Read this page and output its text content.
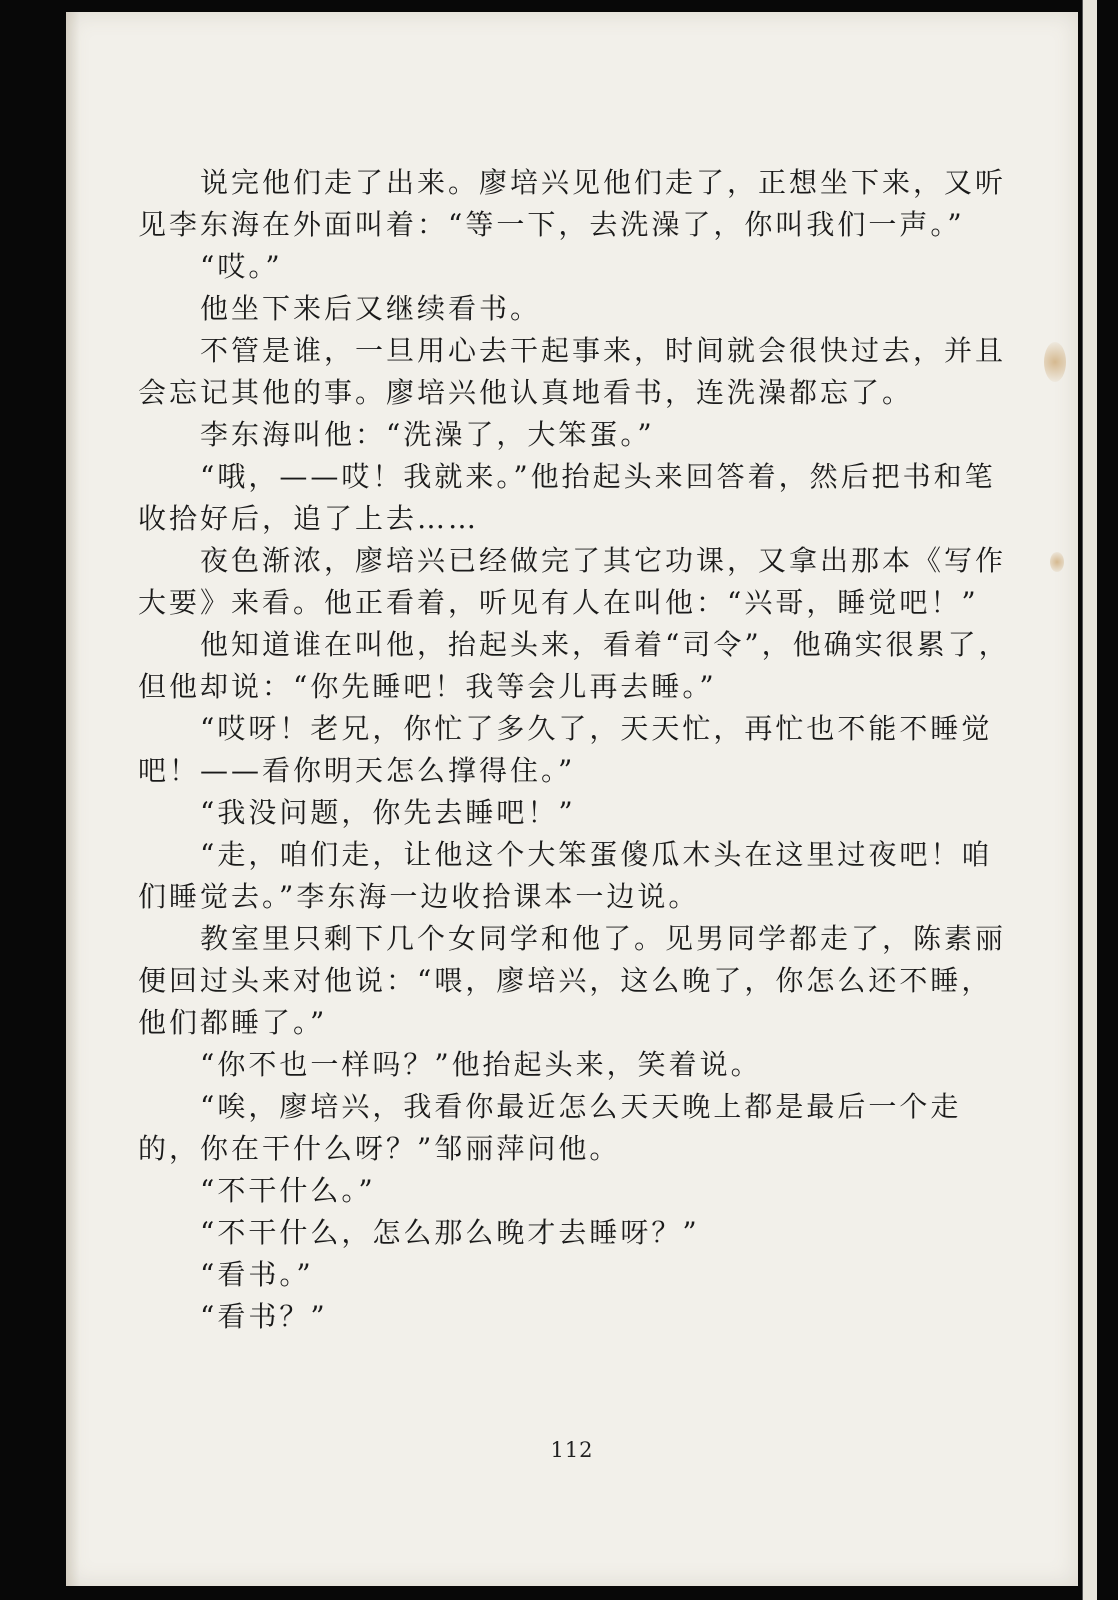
说完他们走了出来。廖培兴见他们走了，正想坐下来，又听见李东海在外面叫着：“等一下，去洗澡了，你叫我们一声。”

“哎。”

他坐下来后又继续看书。

不管是谁，一旦用心去干起事来，时间就会很快过去，并且会忘记其他的事。廖培兴他认真地看书，连洗澡都忘了。

李东海叫他：“洗澡了，大笨蛋。”

“哦，——哎！我就来。”他抬起头来回答着，然后把书和笔收拾好后，追了上去……

夜色渐浓，廖培兴已经做完了其它功课，又拿出那本《写作大要》来看。他正看着，听见有人在叫他：“兴哥，睡觉吧！”

他知道谁在叫他，抬起头来，看着“司令”，他确实很累了，但他却说：“你先睡吧！我等会儿再去睡。”

“哎呀！老兄，你忙了多久了，天天忙，再忙也不能不睡觉吧！——看你明天怎么撑得住。”

“我没问题，你先去睡吧！”

“走，咱们走，让他这个大笨蛋傻瓜木头在这里过夜吧！咱们睡觉去。”李东海一边收拾课本一边说。

教室里只剩下几个女同学和他了。见男同学都走了，陈素丽便回过头来对他说：“喂，廖培兴，这么晚了，你怎么还不睡，他们都睡了。”

“你不也一样吗？”他抬起头来，笑着说。

“唉，廖培兴，我看你最近怎么天天晚上都是最后一个走的，你在干什么呀？”邹丽萍问他。

“不干什么。”

“不干什么，怎么那么晚才去睡呀？”

“看书。”

“看书？”

112
